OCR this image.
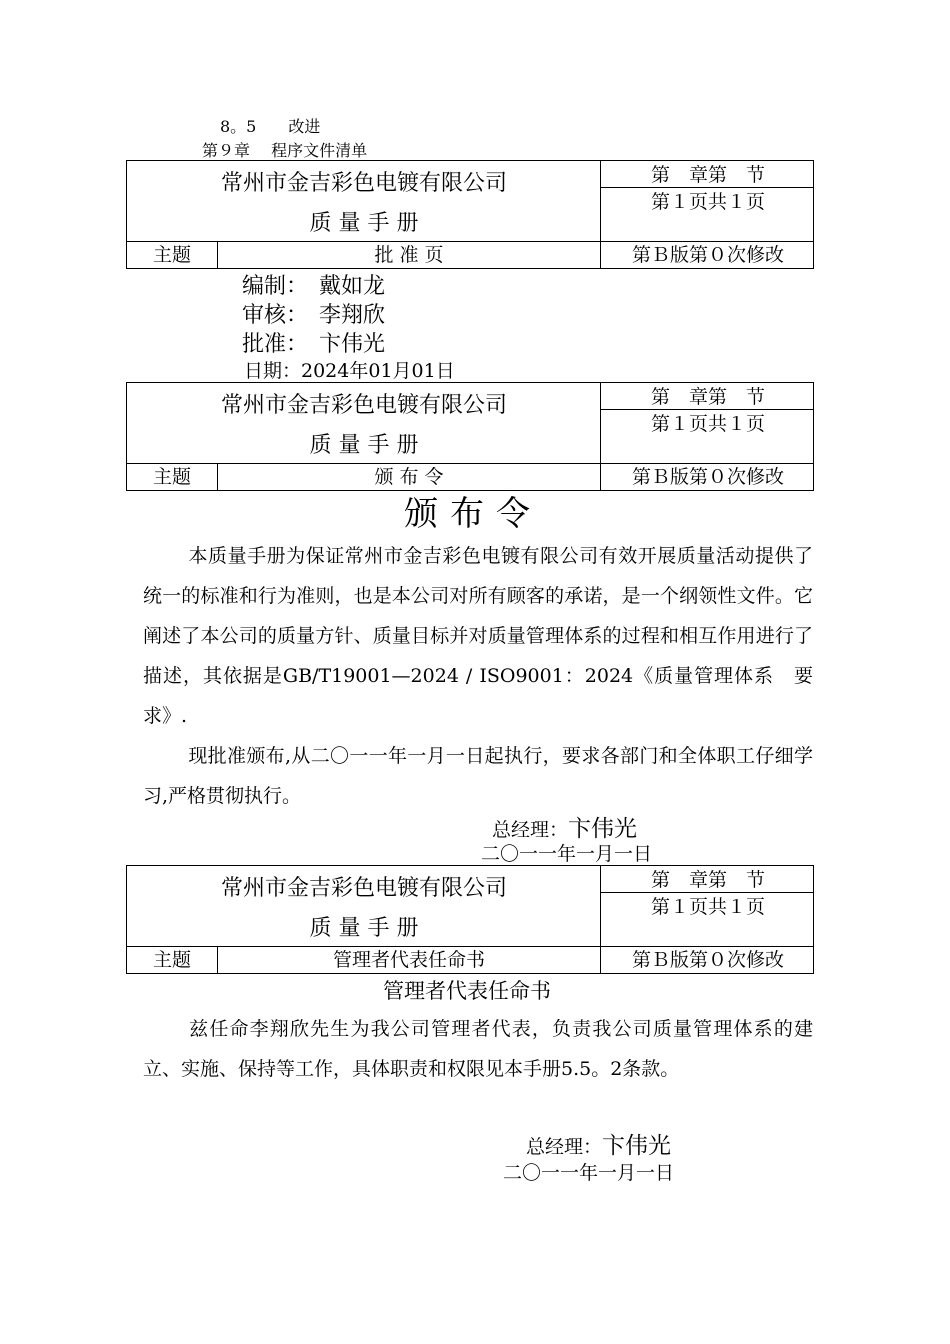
8。5　　改进
第９章　 程序文件清单
常州市金吉彩色电镀有限公司
质 量 手 册
第　章第　节
第１页共１页
主题	批 准 页	第Ｂ版第０次修改
编制：　戴如龙
审核：　李翔欣
批准：　卞伟光
日期：2024年01月01日
常州市金吉彩色电镀有限公司
质 量 手 册
第　章第　节
第１页共１页
主题	颁 布 令	第Ｂ版第０次修改
颁布令
本质量手册为保证常州市金吉彩色电镀有限公司有效开展质量活动提供了统一的标准和行为准则，也是本公司对所有顾客的承诺，是一个纲领性文件。它阐述了本公司的质量方针、质量目标并对质量管理体系的过程和相互作用进行了描述，其依据是GB/T19001—2024 / ISO9001：2024《质量管理体系　要求》.
现批准颁布,从二〇一一年一月一日起执行，要求各部门和全体职工仔细学习,严格贯彻执行。
总经理：卞伟光
二〇一一年一月一日
常州市金吉彩色电镀有限公司
质 量 手 册
第　章第　节
第１页共１页
主题	管理者代表任命书	第Ｂ版第０次修改
管理者代表任命书
兹任命李翔欣先生为我公司管理者代表，负责我公司质量管理体系的建立、实施、保持等工作，具体职责和权限见本手册5.5。2条款。
总经理：卞伟光
二〇一一年一月一日
